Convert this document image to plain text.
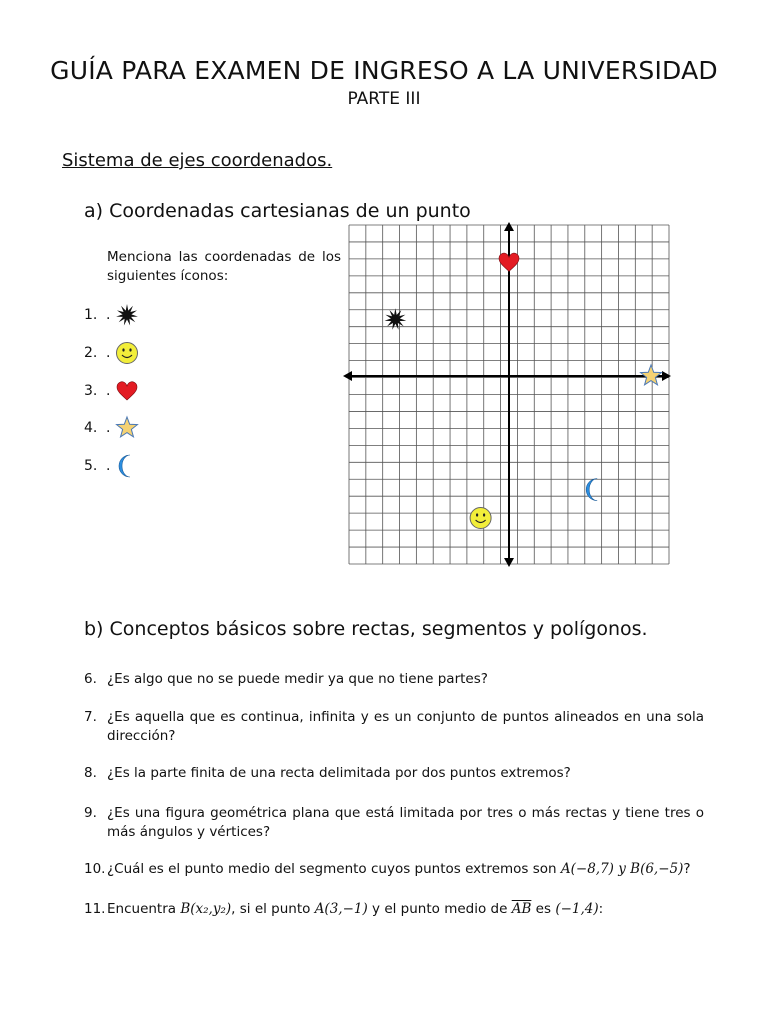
GUÍA PARA EXAMEN DE INGRESO A LA UNIVERSIDAD
PARTE III
Sistema de ejes coordenados.
a) Coordenadas cartesianas de un punto
Menciona las coordenadas de los siguientes íconos:
1. .
2. .
3. .
4. .
5. .
b) Conceptos básicos sobre rectas, segmentos y polígonos.
6. ¿Es algo que no se puede medir ya que no tiene partes?
7. ¿Es aquella que es continua, infinita y es un conjunto de puntos alineados en una sola dirección?
8. ¿Es la parte finita de una recta delimitada por dos puntos extremos?
9. ¿Es una figura geométrica plana que está limitada por tres o más rectas y tiene tres o más ángulos y vértices?
10. ¿Cuál es el punto medio del segmento cuyos puntos extremos son A(−8,7) y B(6,−5)?
11. Encuentra B(x₂,y₂), si el punto A(3,−1) y el punto medio de $\overline{AB}$ es (−1,4):
